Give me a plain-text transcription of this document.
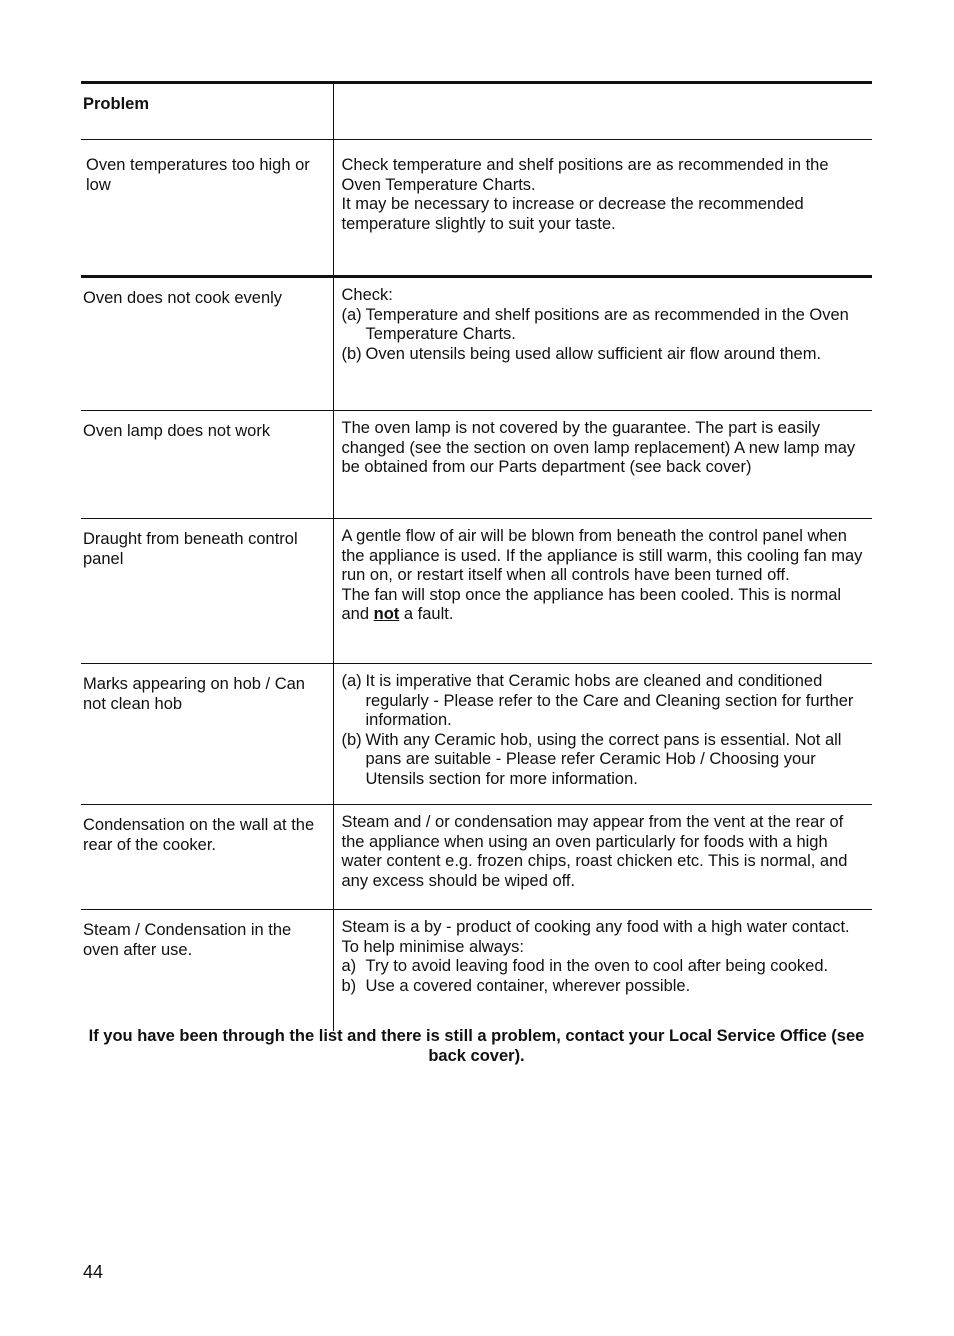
Problem	
Oven temperatures too high or low	Check temperature and shelf positions are as recommended in the Oven Temperature Charts.
It may be necessary to increase or decrease the recommended temperature slightly to suit your taste.

Oven does not cook evenly	Check:
(a) Temperature and shelf positions are as recommended in the Oven Temperature Charts.
(b) Oven utensils being used allow sufficient air flow around them.

Oven lamp does not work	The oven lamp is not covered by the guarantee. The part is easily changed (see the section on oven lamp replacement) A new lamp may be obtained from our Parts department (see back cover)

Draught from beneath control panel	A gentle flow of air will be blown from beneath the control panel when the appliance is used. If the appliance is still warm, this cooling fan may run on, or restart itself when all controls have been turned off.
The fan will stop once the appliance has been cooled. This is normal and not a fault.

Marks appearing on hob / Can not clean hob	(a) It is imperative that Ceramic hobs are cleaned and conditioned regularly - Please refer to the Care and Cleaning section for further information.
(b) With any Ceramic hob, using the correct pans is essential. Not all pans are suitable - Please refer Ceramic Hob / Choosing your Utensils section for more information.

Condensation on the wall at the rear of the cooker.	Steam and / or condensation may appear from the vent at the rear of the appliance when using an oven particularly for foods with a high water content e.g. frozen chips, roast chicken etc. This is normal, and any excess should be wiped off.

Steam / Condensation in the oven after use.	Steam is a by - product of cooking any food with a high water contact. To help minimise always:
a) Try to avoid leaving food in the oven to cool after being cooked.
b) Use a covered container, wherever possible.
If you have been through the list and there is still a problem, contact your Local Service Office (see back cover).
44
